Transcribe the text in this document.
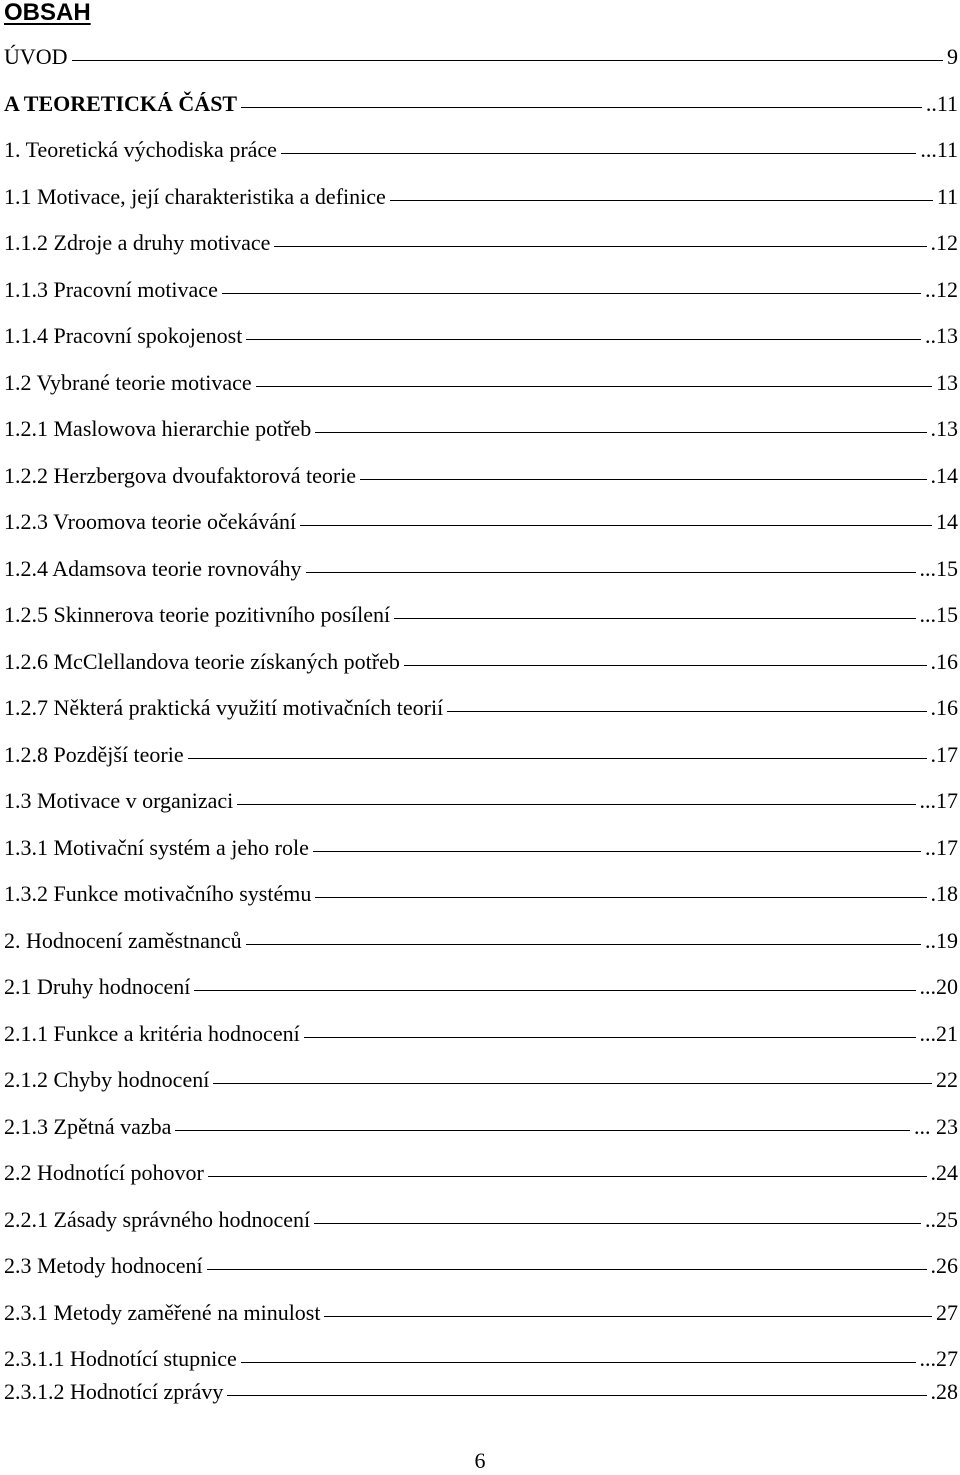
OBSAH
ÚVOD	9
A TEORETICKÁ ČÁST	..11
1. Teoretická východiska práce	...11
1.1 Motivace, její charakteristika a definice	11
1.1.2 Zdroje a druhy motivace	.12
1.1.3 Pracovní motivace	..12
1.1.4 Pracovní spokojenost	..13
1.2 Vybrané teorie motivace	13
1.2.1 Maslowova hierarchie potřeb	.13
1.2.2 Herzbergova dvoufaktorová teorie	.14
1.2.3 Vroomova teorie očekávání	14
1.2.4 Adamsova teorie rovnováhy	...15
1.2.5 Skinnerova teorie pozitivního posílení	...15
1.2.6 McClellandova teorie získaných potřeb	.16
1.2.7 Některá praktická využití motivačních teorií	.16
1.2.8 Pozdější teorie	.17
1.3 Motivace v organizaci	...17
1.3.1 Motivační systém a jeho role	..17
1.3.2 Funkce motivačního systému	.18
2. Hodnocení zaměstnanců	..19
2.1 Druhy hodnocení	...20
2.1.1 Funkce a kritéria hodnocení	...21
2.1.2 Chyby hodnocení	22
2.1.3 Zpětná vazba	... 23
2.2 Hodnotící pohovor	.24
2.2.1 Zásady správného hodnocení	..25
2.3 Metody hodnocení	.26
2.3.1 Metody zaměřené na minulost	27
2.3.1.1 Hodnotící stupnice	...27
2.3.1.2 Hodnotící zprávy	.28

6
